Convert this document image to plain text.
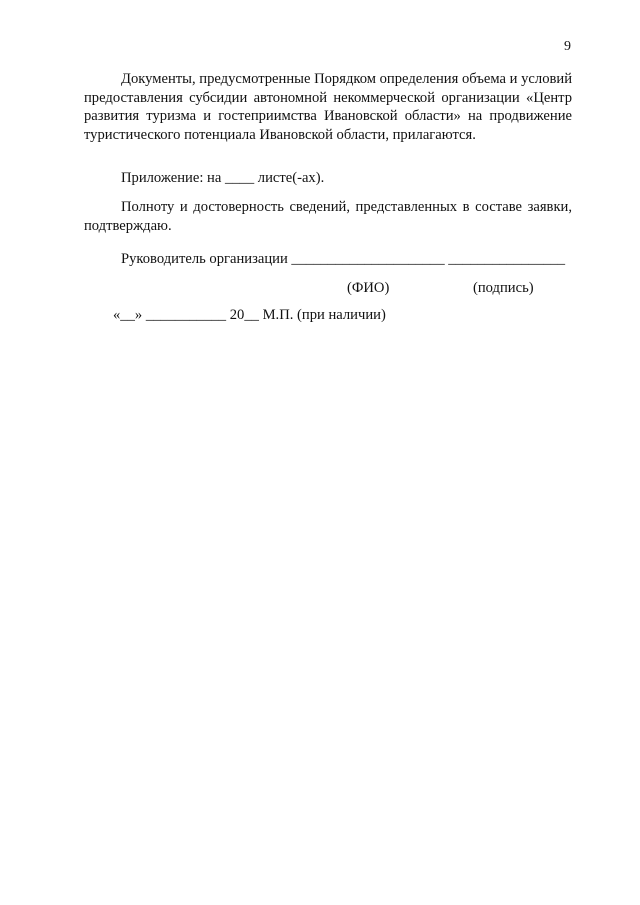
9

Документы, предусмотренные Порядком определения объема и условий предоставления субсидии автономной некоммерческой организации «Центр развития туризма и гостеприимства Ивановской области» на продвижение туристического потенциала Ивановской области, прилагаются.

Приложение: на ____ листе(-ах).

Полноту и достоверность сведений, представленных в составе заявки, подтверждаю.

Руководитель организации _____________________ ________________

(ФИО)	(подпись)

«__» ___________ 20__ М.П. (при наличии)
